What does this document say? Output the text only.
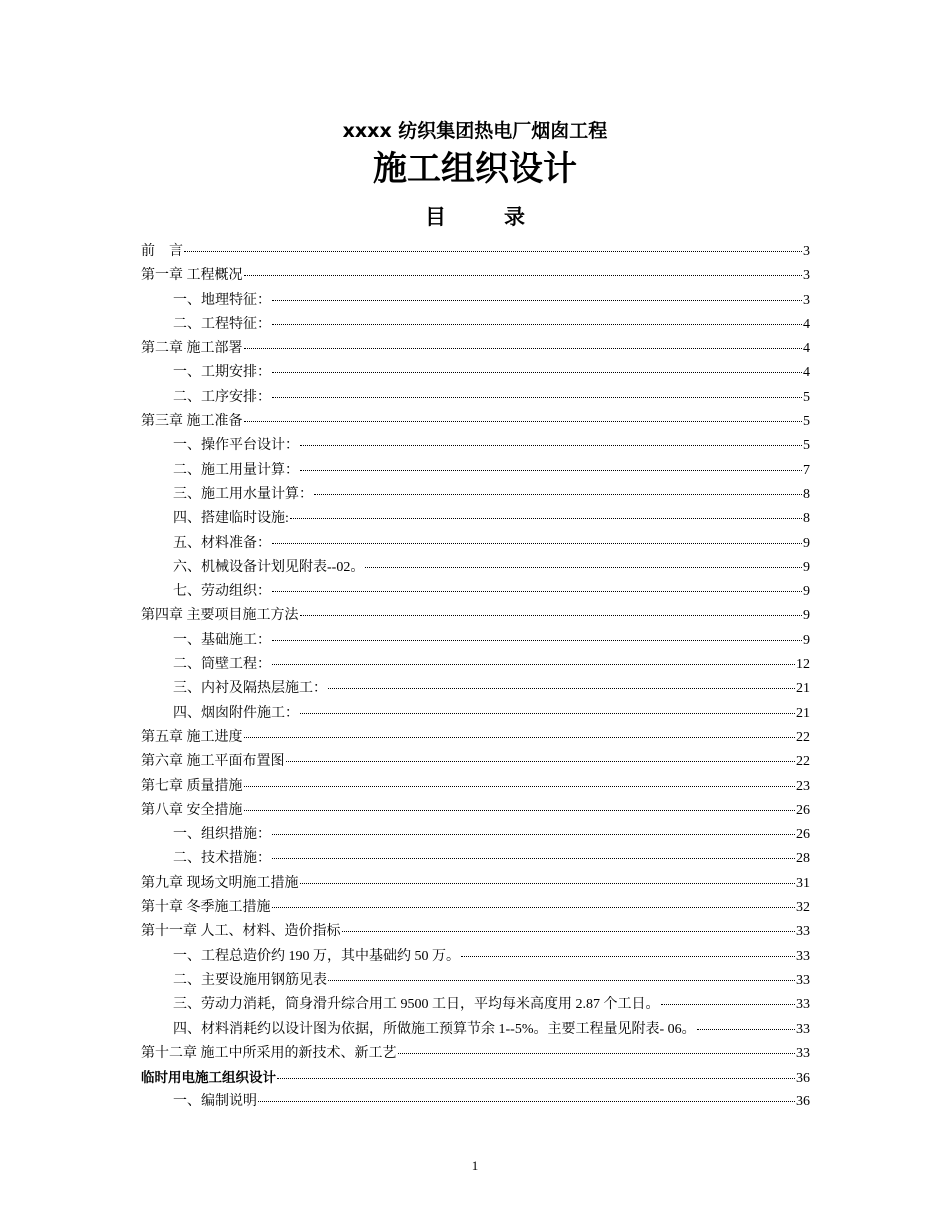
xxxx 纺织集团热电厂烟囱工程
施工组织设计
目录
前　言	3
第一章 工程概况	3
一、地理特征：	3
二、工程特征：	4
第二章 施工部署	4
一、工期安排：	4
二、工序安排：	5
第三章 施工准备	5
一、操作平台设计：	5
二、施工用量计算：	7
三、施工用水量计算：	8
四、搭建临时设施:	8
五、材料准备：	9
六、机械设备计划见附表--02。	9
七、劳动组织：	9
第四章 主要项目施工方法	9
一、基础施工：	9
二、筒壁工程：	12
三、内衬及隔热层施工：	21
四、烟囱附件施工：	21
第五章 施工进度	22
第六章 施工平面布置图	22
第七章 质量措施	23
第八章 安全措施	26
一、组织措施：	26
二、技术措施：	28
第九章 现场文明施工措施	31
第十章 冬季施工措施	32
第十一章 人工、材料、造价指标	33
一、工程总造价约 190 万，其中基础约 50 万。	33
二、主要设施用钢筋见表	33
三、劳动力消耗，筒身滑升综合用工 9500 工日，平均每米高度用 2.87 个工日。	33
四、材料消耗约以设计图为依据，所做施工预算节余 1--5%。主要工程量见附表- 06。	33
第十二章 施工中所采用的新技术、新工艺	33
临时用电施工组织设计	36
一、编制说明	36
1
